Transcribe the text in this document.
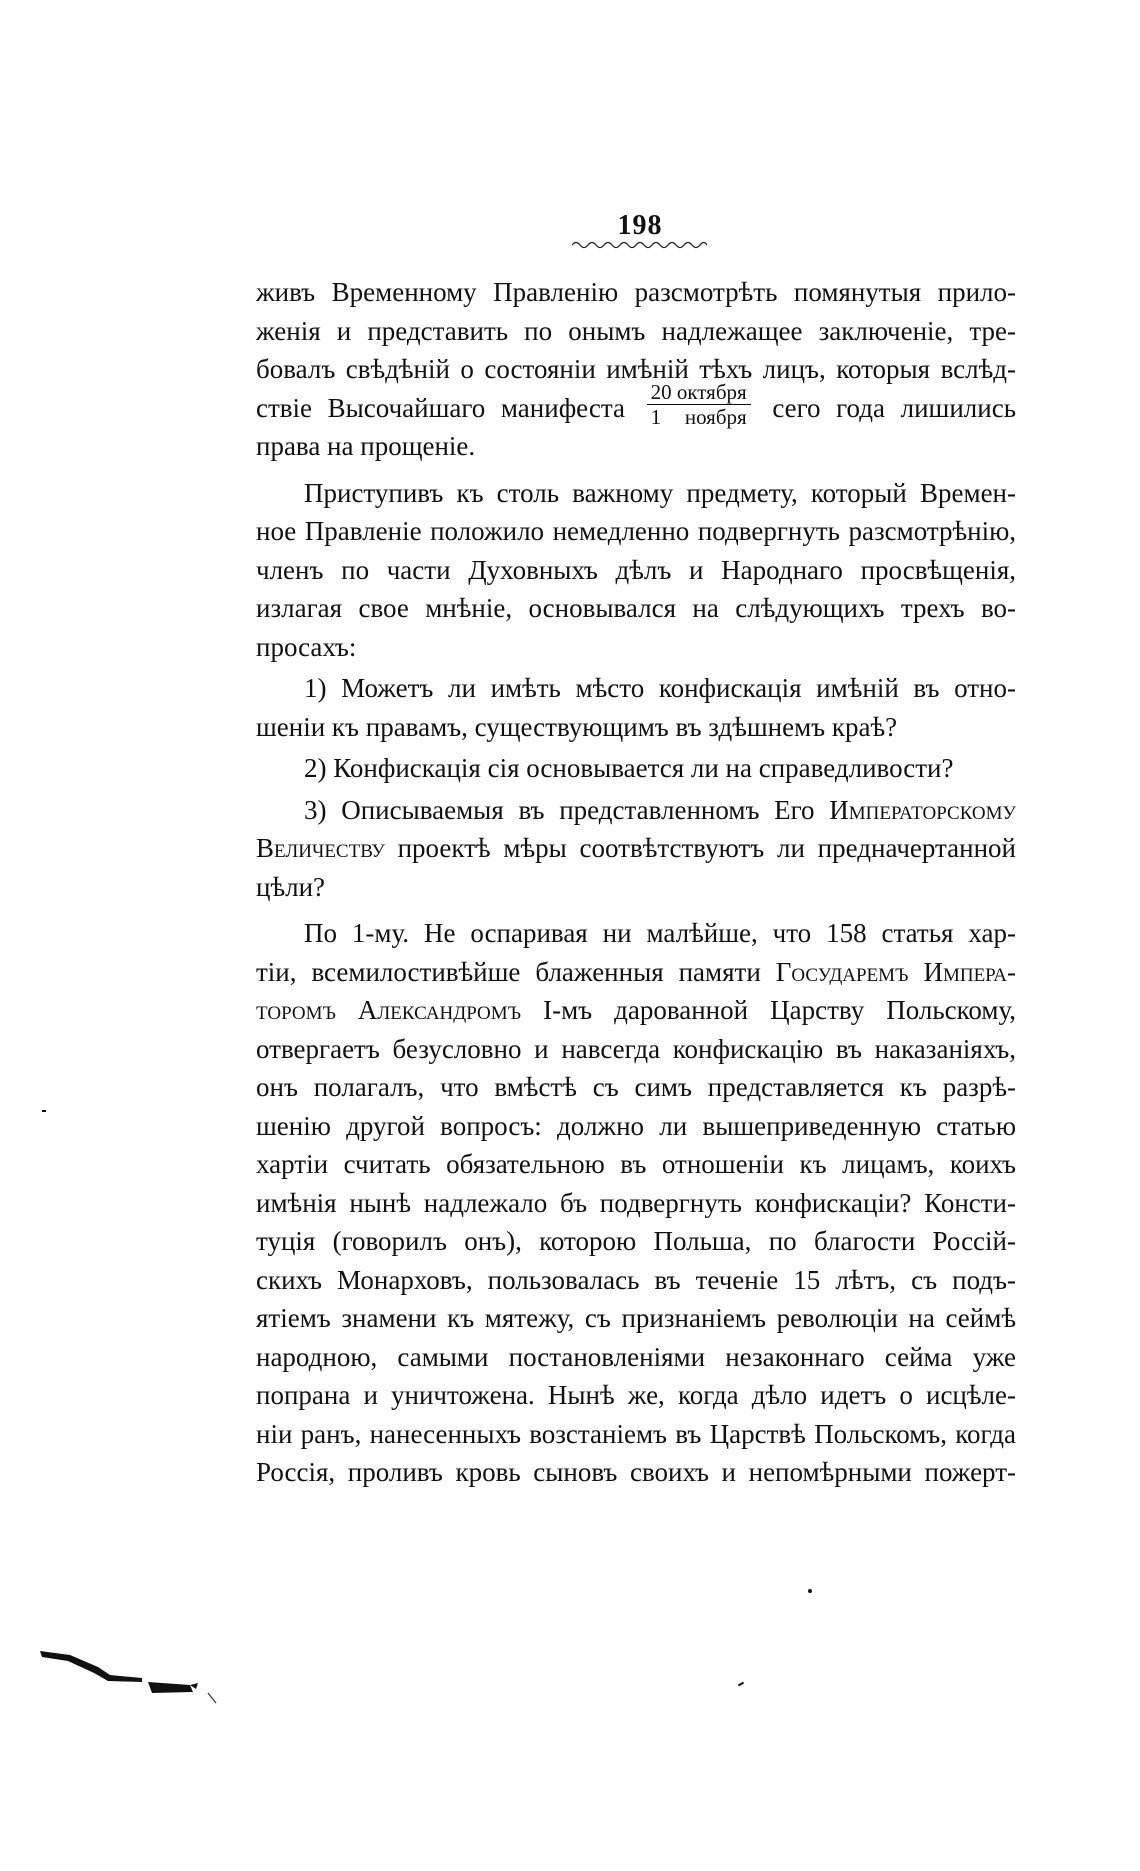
198
живъ Временному Правленію разсмотрѣть помянутыя прило-
женія и представить по онымъ надлежащее заключеніе, тре-
бовалъ свѣдѣній о состояніи имѣній тѣхъ лицъ, которыя вслѣд-
ствіе Высочайшаго манифеста $\frac{\text{20 октября}}{\text{1 ноября}}$ сего года лишились
права на прощеніе.
Приступивъ къ столь важному предмету, который Времен-
ное Правленіе положило немедленно подвергнуть разсмотрѣнію,
членъ по части Духовныхъ дѣлъ и Народнаго просвѣщенія,
излагая свое мнѣніе, основывался на слѣдующихъ трехъ во-
просахъ:
1) Можетъ ли имѣть мѣсто конфискація имѣній въ отно-
шеніи къ правамъ, существующимъ въ здѣшнемъ краѣ?
2) Конфискація сія основывается ли на справедливости?
3) Описываемыя въ представленномъ Его Императорскому
Величеству проектѣ мѣры соотвѣтствуютъ ли предначертанной
цѣли?
По 1-му. Не оспаривая ни малѣйше, что 158 статья хар-
тіи, всемилостивѣйше блаженныя памяти Государемъ Импера-
торомъ Александромъ І-мъ дарованной Царству Польскому,
отвергаетъ безусловно и навсегда конфискацію въ наказаніяхъ,
онъ полагалъ, что вмѣстѣ съ симъ представляется къ разрѣ-
шенію другой вопросъ: должно ли вышеприведенную статью
хартіи считать обязательною въ отношеніи къ лицамъ, коихъ
имѣнія нынѣ надлежало бъ подвергнуть конфискаціи? Консти-
туція (говорилъ онъ), которою Польша, по благости Россій-
скихъ Монарховъ, пользовалась въ теченіе 15 лѣтъ, съ подъ-
ятіемъ знамени къ мятежу, съ признаніемъ революціи на сеймѣ
народною, самыми постановленіями незаконнаго сейма уже
попрана и уничтожена. Нынѣ же, когда дѣло идетъ о исцѣле-
ніи ранъ, нанесенныхъ возстаніемъ въ Царствѣ Польскомъ, когда
Россія, проливъ кровь сыновъ своихъ и непомѣрными пожерт-
